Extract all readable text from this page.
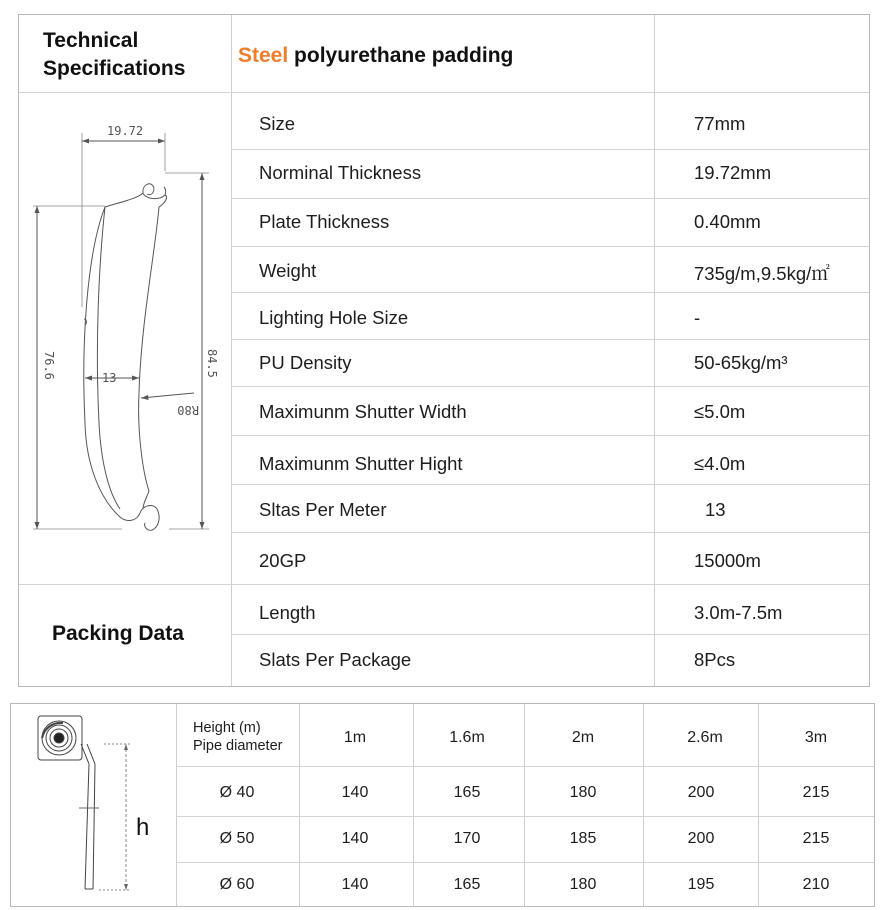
Technical
Specifications
Steel polyurethane padding
Size	77mm
Norminal Thickness	19.72mm
Plate Thickness	0.40mm
Weight	735g/m,9.5kg/㎡
Lighting Hole Size	-
PU Density	50-65kg/m³
Maximunm Shutter Width	≤5.0m
Maximunm Shutter Hight	≤4.0m
Sltas Per Meter	13
20GP	15000m
Packing Data
Length	3.0m-7.5m
Slats Per Package	8Pcs
19.72
13
76.6	84.5
R80
Height (m)
Pipe diameter	1m	1.6m	2m	2.6m	3m
Ø 40	140	165	180	200	215
Ø 50	140	170	185	200	215
Ø 60	140	165	180	195	210
h
